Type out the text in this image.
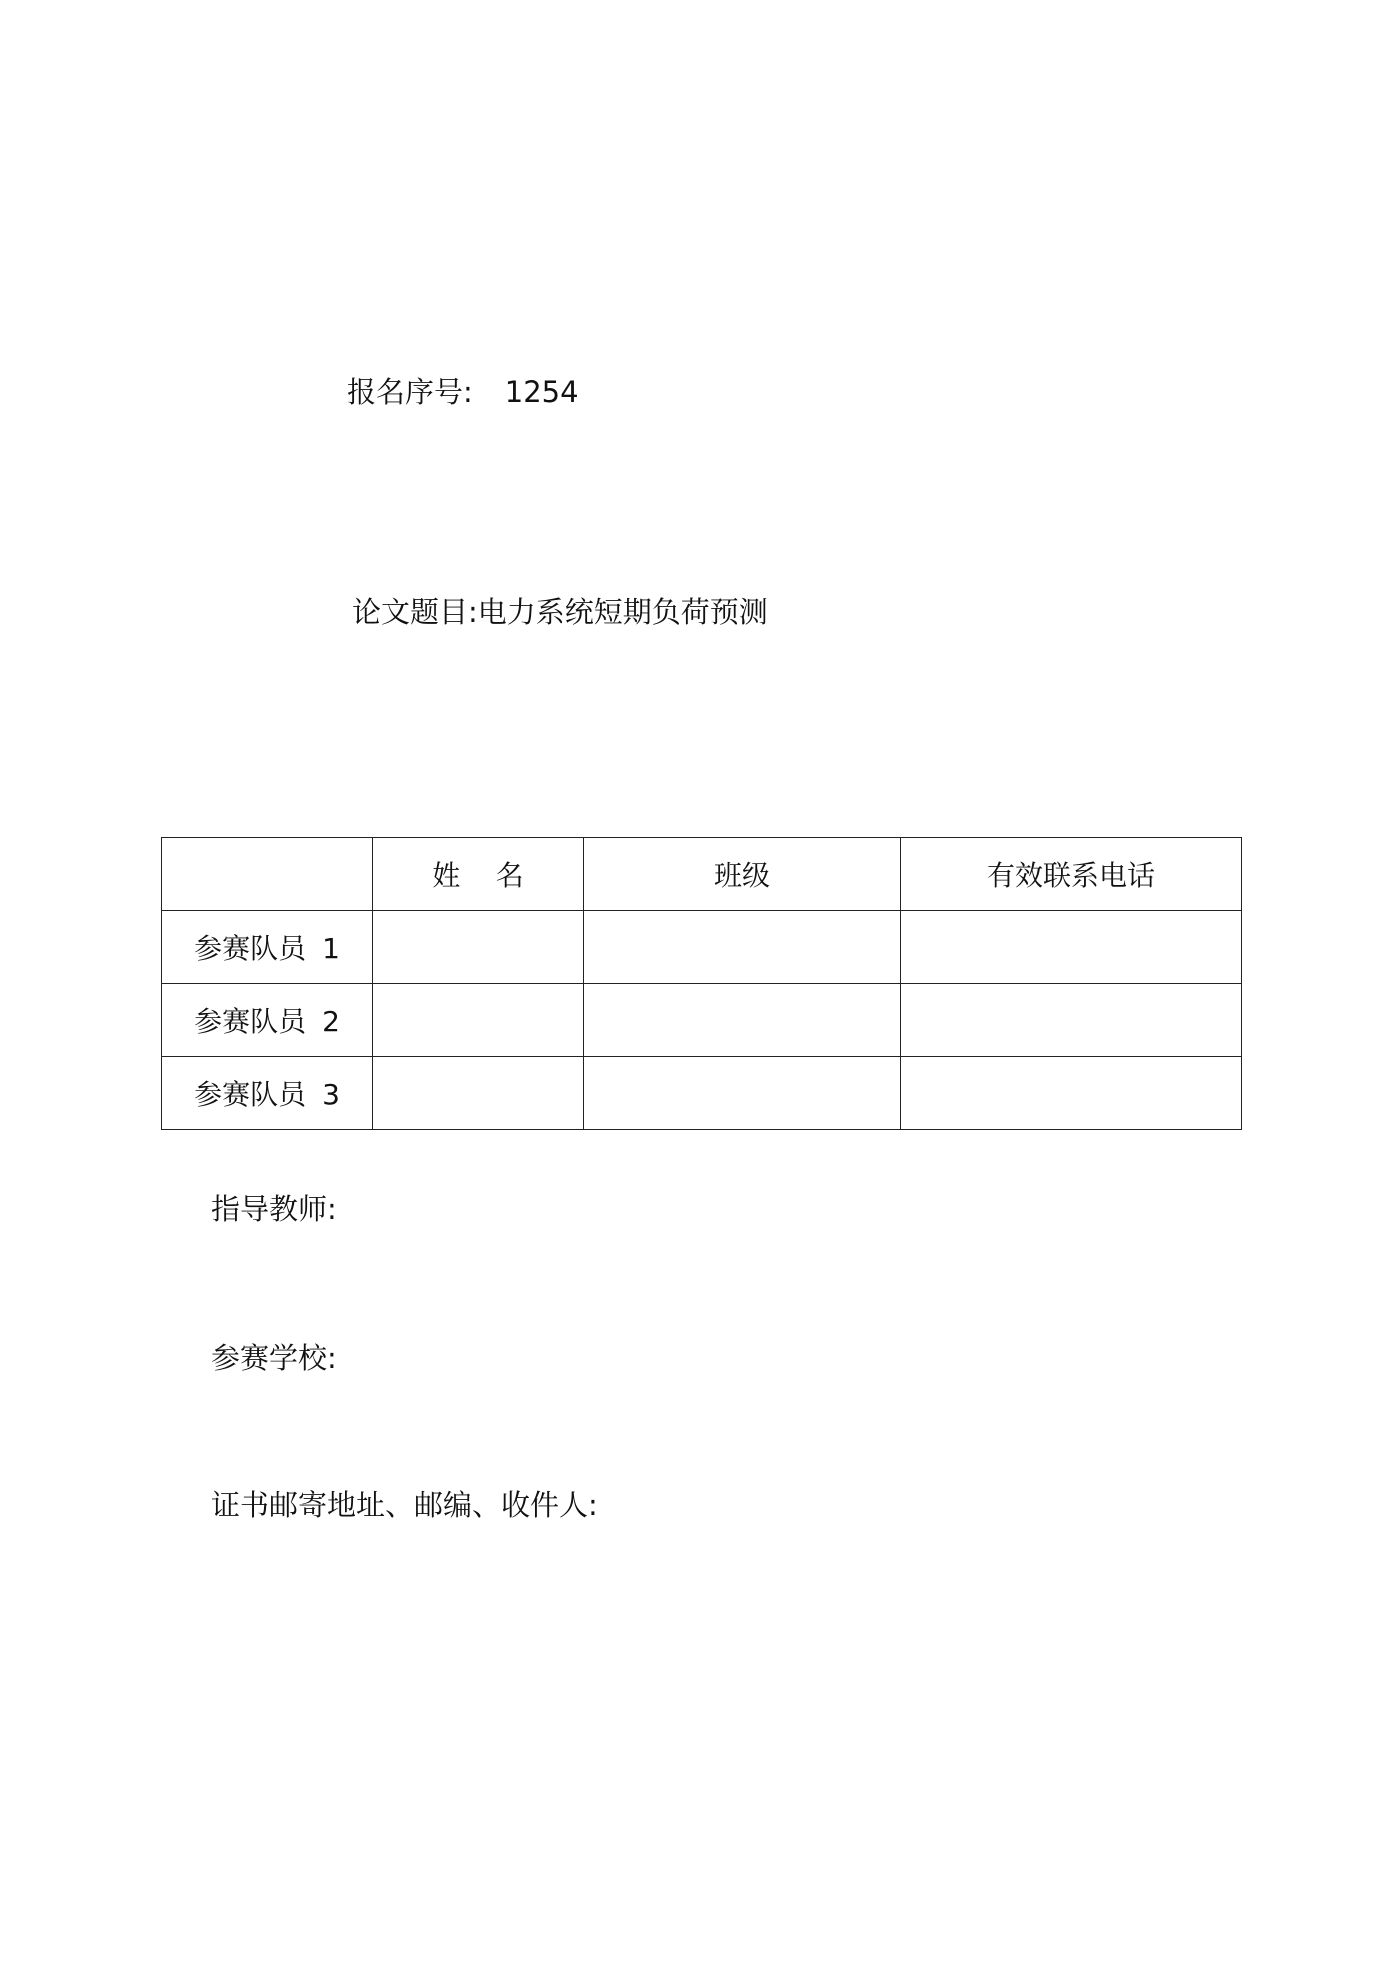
报名序号: 1254
论文题目:电力系统短期负荷预测
	姓    名	班级	有效联系电话
参赛队员 1			
参赛队员 2			
参赛队员 3			
指导教师:
参赛学校:
证书邮寄地址、邮编、收件人:
